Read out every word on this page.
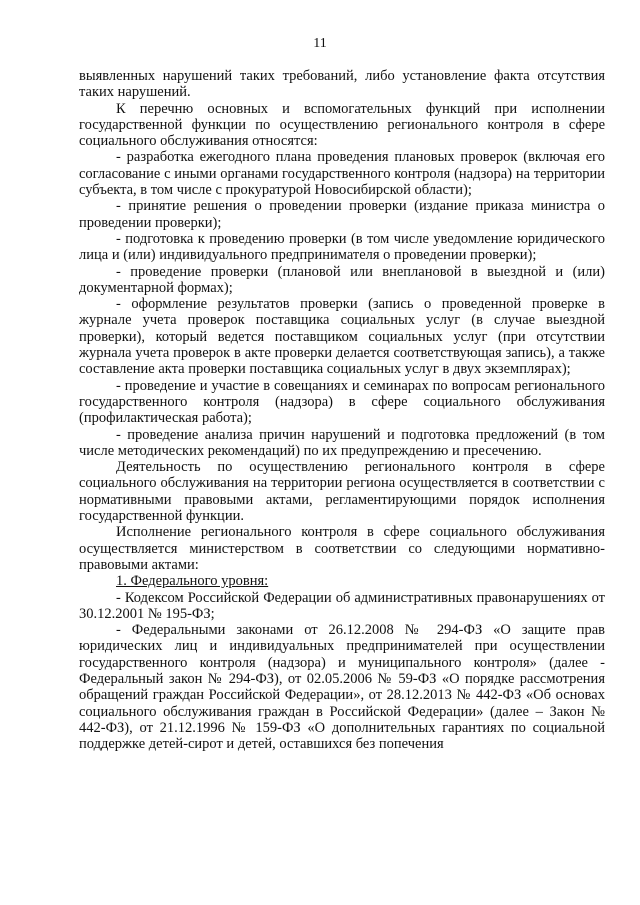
11

выявленных нарушений таких требований, либо установление факта отсутствия таких нарушений.

К перечню основных и вспомогательных функций при исполнении государственной функции по осуществлению регионального контроля в сфере социального обслуживания относятся:

- разработка ежегодного плана проведения плановых проверок (включая его согласование с иными органами государственного контроля (надзора) на территории субъекта, в том числе с прокуратурой Новосибирской области);

- принятие решения о проведении проверки (издание приказа министра о проведении проверки);

- подготовка к проведению проверки (в том числе уведомление юридического лица и (или) индивидуального предпринимателя о проведении проверки);

- проведение проверки (плановой или внеплановой в выездной и (или) документарной формах);

- оформление результатов проверки (запись о проведенной проверке в журнале учета проверок поставщика социальных услуг (в случае выездной проверки), который ведется поставщиком социальных услуг (при отсутствии журнала учета проверок в акте проверки делается соответствующая запись), а также составление акта проверки поставщика социальных услуг в двух экземплярах);

- проведение и участие в совещаниях и семинарах по вопросам регионального государственного контроля (надзора) в сфере социального обслуживания (профилактическая работа);

- проведение анализа причин нарушений и подготовка предложений (в том числе методических рекомендаций) по их предупреждению и пресечению.

Деятельность по осуществлению регионального контроля в сфере социального обслуживания на территории региона осуществляется в соответствии с нормативными правовыми актами, регламентирующими порядок исполнения государственной функции.

Исполнение регионального контроля в сфере социального обслуживания осуществляется министерством в соответствии со следующими нормативно-правовыми актами:

1. Федерального уровня:

- Кодексом Российской Федерации об административных правонарушениях от 30.12.2001 № 195-ФЗ;

- Федеральными законами от 26.12.2008 № 294-ФЗ «О защите прав юридических лиц и индивидуальных предпринимателей при осуществлении государственного контроля (надзора) и муниципального контроля» (далее - Федеральный закон № 294-ФЗ), от 02.05.2006 № 59-ФЗ «О порядке рассмотрения обращений граждан Российской Федерации», от 28.12.2013 № 442-ФЗ «Об основах социального обслуживания граждан в Российской Федерации» (далее – Закон № 442-ФЗ), от 21.12.1996 № 159-ФЗ «О дополнительных гарантиях по социальной поддержке детей-сирот и детей, оставшихся без попечения
